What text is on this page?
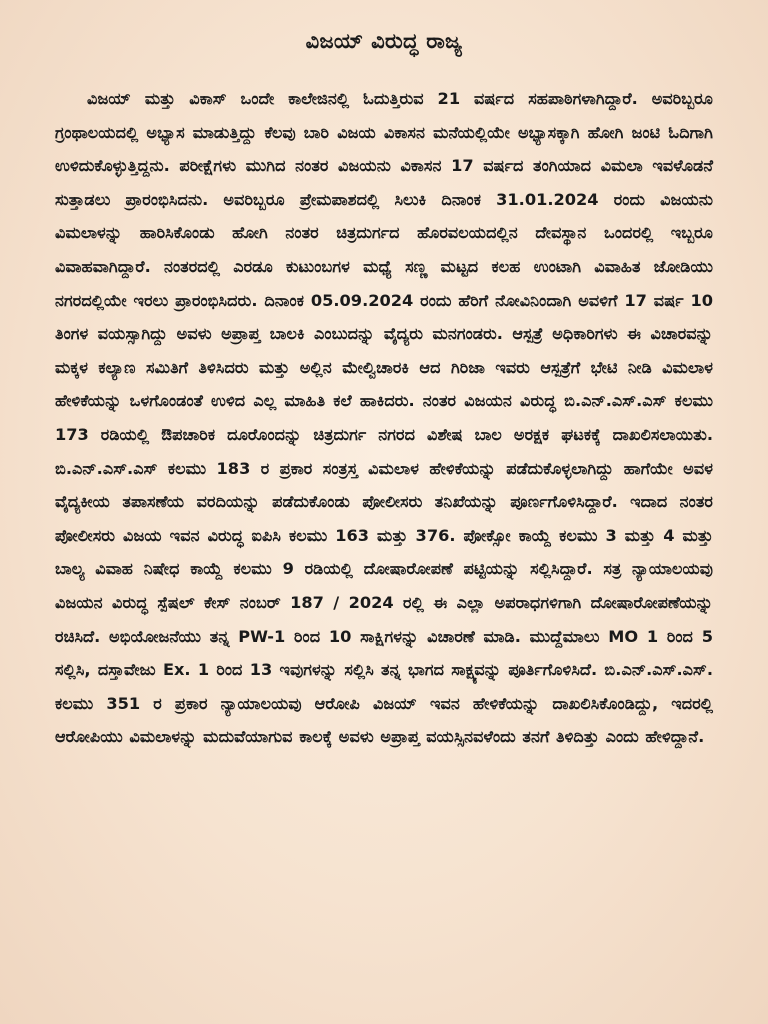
ವಿಜಯ್ ವಿರುದ್ಧ ರಾಜ್ಯ

ವಿಜಯ್ ಮತ್ತು ವಿಕಾಸ್ ಒಂದೇ ಕಾಲೇಜಿನಲ್ಲಿ ಓದುತ್ತಿರುವ 21 ವರ್ಷದ ಸಹಪಾಠಿಗಳಾಗಿದ್ದಾರೆ. ಅವರಿಬ್ಬರೂ ಗ್ರಂಥಾಲಯದಲ್ಲಿ ಅಭ್ಯಾಸ ಮಾಡುತ್ತಿದ್ದು ಕೆಲವು ಬಾರಿ ವಿಜಯ ವಿಕಾಸನ ಮನೆಯಲ್ಲಿಯೇ ಅಭ್ಯಾಸಕ್ಕಾಗಿ ಹೋಗಿ ಜಂಟಿ ಓದಿಗಾಗಿ ಉಳಿದುಕೊಳ್ಳುತ್ತಿದ್ದನು. ಪರೀಕ್ಷೆಗಳು ಮುಗಿದ ನಂತರ ವಿಜಯನು ವಿಕಾಸನ 17 ವರ್ಷದ ತಂಗಿಯಾದ ವಿಮಲಾ ಇವಳೊಡನೆ ಸುತ್ತಾಡಲು ಪ್ರಾರಂಭಿಸಿದನು. ಅವರಿಬ್ಬರೂ ಪ್ರೇಮಪಾಶದಲ್ಲಿ ಸಿಲುಕಿ ದಿನಾಂಕ 31.01.2024 ರಂದು ವಿಜಯನು ವಿಮಲಾಳನ್ನು ಹಾರಿಸಿಕೊಂಡು ಹೋಗಿ ನಂತರ ಚಿತ್ರದುರ್ಗದ ಹೊರವಲಯದಲ್ಲಿನ ದೇವಸ್ಥಾನ ಒಂದರಲ್ಲಿ ಇಬ್ಬರೂ ವಿವಾಹವಾಗಿದ್ದಾರೆ. ನಂತರದಲ್ಲಿ ಎರಡೂ ಕುಟುಂಬಗಳ ಮಧ್ಯೆ ಸಣ್ಣ ಮಟ್ಟದ ಕಲಹ ಉಂಟಾಗಿ ವಿವಾಹಿತ ಜೋಡಿಯು ನಗರದಲ್ಲಿಯೇ ಇರಲು ಪ್ರಾರಂಭಿಸಿದರು. ದಿನಾಂಕ 05.09.2024 ರಂದು ಹೆರಿಗೆ ನೋವಿನಿಂದಾಗಿ ಅವಳಿಗೆ 17 ವರ್ಷ 10 ತಿಂಗಳ ವಯಸ್ಸಾಗಿದ್ದು ಅವಳು ಅಪ್ರಾಪ್ತ ಬಾಲಕಿ ಎಂಬುದನ್ನು ವೈದ್ಯರು ಮನಗಂಡರು. ಆಸ್ಪತ್ರೆ ಅಧಿಕಾರಿಗಳು ಈ ವಿಚಾರವನ್ನು ಮಕ್ಕಳ ಕಲ್ಯಾಣ ಸಮಿತಿಗೆ ತಿಳಿಸಿದರು ಮತ್ತು ಅಲ್ಲಿನ ಮೇಲ್ವಿಚಾರಕಿ ಆದ ಗಿರಿಜಾ ಇವರು ಆಸ್ಪತ್ರೆಗೆ ಭೇಟಿ ನೀಡಿ ವಿಮಲಾಳ ಹೇಳಿಕೆಯನ್ನು ಒಳಗೊಂಡಂತೆ ಉಳಿದ ಎಲ್ಲ ಮಾಹಿತಿ ಕಲೆ ಹಾಕಿದರು. ನಂತರ ವಿಜಯನ ವಿರುದ್ಧ ಬಿ.ಎನ್.ಎಸ್.ಎಸ್ ಕಲಮು 173 ರಡಿಯಲ್ಲಿ ಔಪಚಾರಿಕ ದೂರೊಂದನ್ನು ಚಿತ್ರದುರ್ಗ ನಗರದ ವಿಶೇಷ ಬಾಲ ಅರಕ್ಷಕ ಘಟಕಕ್ಕೆ ದಾಖಲಿಸಲಾಯಿತು. ಬಿ.ಎನ್.ಎಸ್.ಎಸ್ ಕಲಮು 183 ರ ಪ್ರಕಾರ ಸಂತ್ರಸ್ತ ವಿಮಲಾಳ ಹೇಳಿಕೆಯನ್ನು ಪಡೆದುಕೊಳ್ಳಲಾಗಿದ್ದು ಹಾಗೆಯೇ ಅವಳ ವೈದ್ಯಕೀಯ ತಪಾಸಣೆಯ ವರದಿಯನ್ನು ಪಡೆದುಕೊಂಡು ಪೋಲೀಸರು ತನಿಖೆಯನ್ನು ಪೂರ್ಣಗೊಳಿಸಿದ್ದಾರೆ. ಇದಾದ ನಂತರ ಪೋಲೀಸರು ವಿಜಯ ಇವನ ವಿರುದ್ಧ ಐಪಿಸಿ ಕಲಮು 163 ಮತ್ತು 376. ಪೋಕ್ಸೋ ಕಾಯ್ದೆ ಕಲಮು 3 ಮತ್ತು 4 ಮತ್ತು ಬಾಲ್ಯ ವಿವಾಹ ನಿಷೇಧ ಕಾಯ್ದೆ ಕಲಮು 9 ರಡಿಯಲ್ಲಿ ದೋಷಾರೋಪಣೆ ಪಟ್ಟಿಯನ್ನು ಸಲ್ಲಿಸಿದ್ದಾರೆ. ಸತ್ರ ನ್ಯಾಯಾಲಯವು ವಿಜಯನ ವಿರುದ್ಧ ಸ್ಪೆಷಲ್ ಕೇಸ್ ನಂಬರ್ 187 / 2024 ರಲ್ಲಿ ಈ ಎಲ್ಲಾ ಅಪರಾಧಗಳಿಗಾಗಿ ದೋಷಾರೋಪಣೆಯನ್ನು ರಚಿಸಿದೆ. ಅಭಿಯೋಜನೆಯು ತನ್ನ PW-1 ರಿಂದ 10 ಸಾಕ್ಷಿಗಳನ್ನು ವಿಚಾರಣೆ ಮಾಡಿ. ಮುದ್ದೆಮಾಲು MO 1 ರಿಂದ 5 ಸಲ್ಲಿಸಿ, ದಸ್ತಾವೇಜು Ex. 1 ರಿಂದ 13 ಇವುಗಳನ್ನು ಸಲ್ಲಿಸಿ ತನ್ನ ಭಾಗದ ಸಾಕ್ಷ್ಯವನ್ನು ಪೂರ್ತಿಗೊಳಿಸಿದೆ. ಬಿ.ಎನ್.ಎಸ್.ಎಸ್. ಕಲಮು 351 ರ ಪ್ರಕಾರ ನ್ಯಾಯಾಲಯವು ಆರೋಪಿ ವಿಜಯ್ ಇವನ ಹೇಳಿಕೆಯನ್ನು ದಾಖಲಿಸಿಕೊಂಡಿದ್ದು, ಇದರಲ್ಲಿ ಆರೋಪಿಯು ವಿಮಲಾಳನ್ನು ಮದುವೆಯಾಗುವ ಕಾಲಕ್ಕೆ ಅವಳು ಅಪ್ರಾಪ್ತ ವಯಸ್ಸಿನವಳೆಂದು ತನಗೆ ತಿಳಿದಿತ್ತು ಎಂದು ಹೇಳಿದ್ದಾನೆ.
